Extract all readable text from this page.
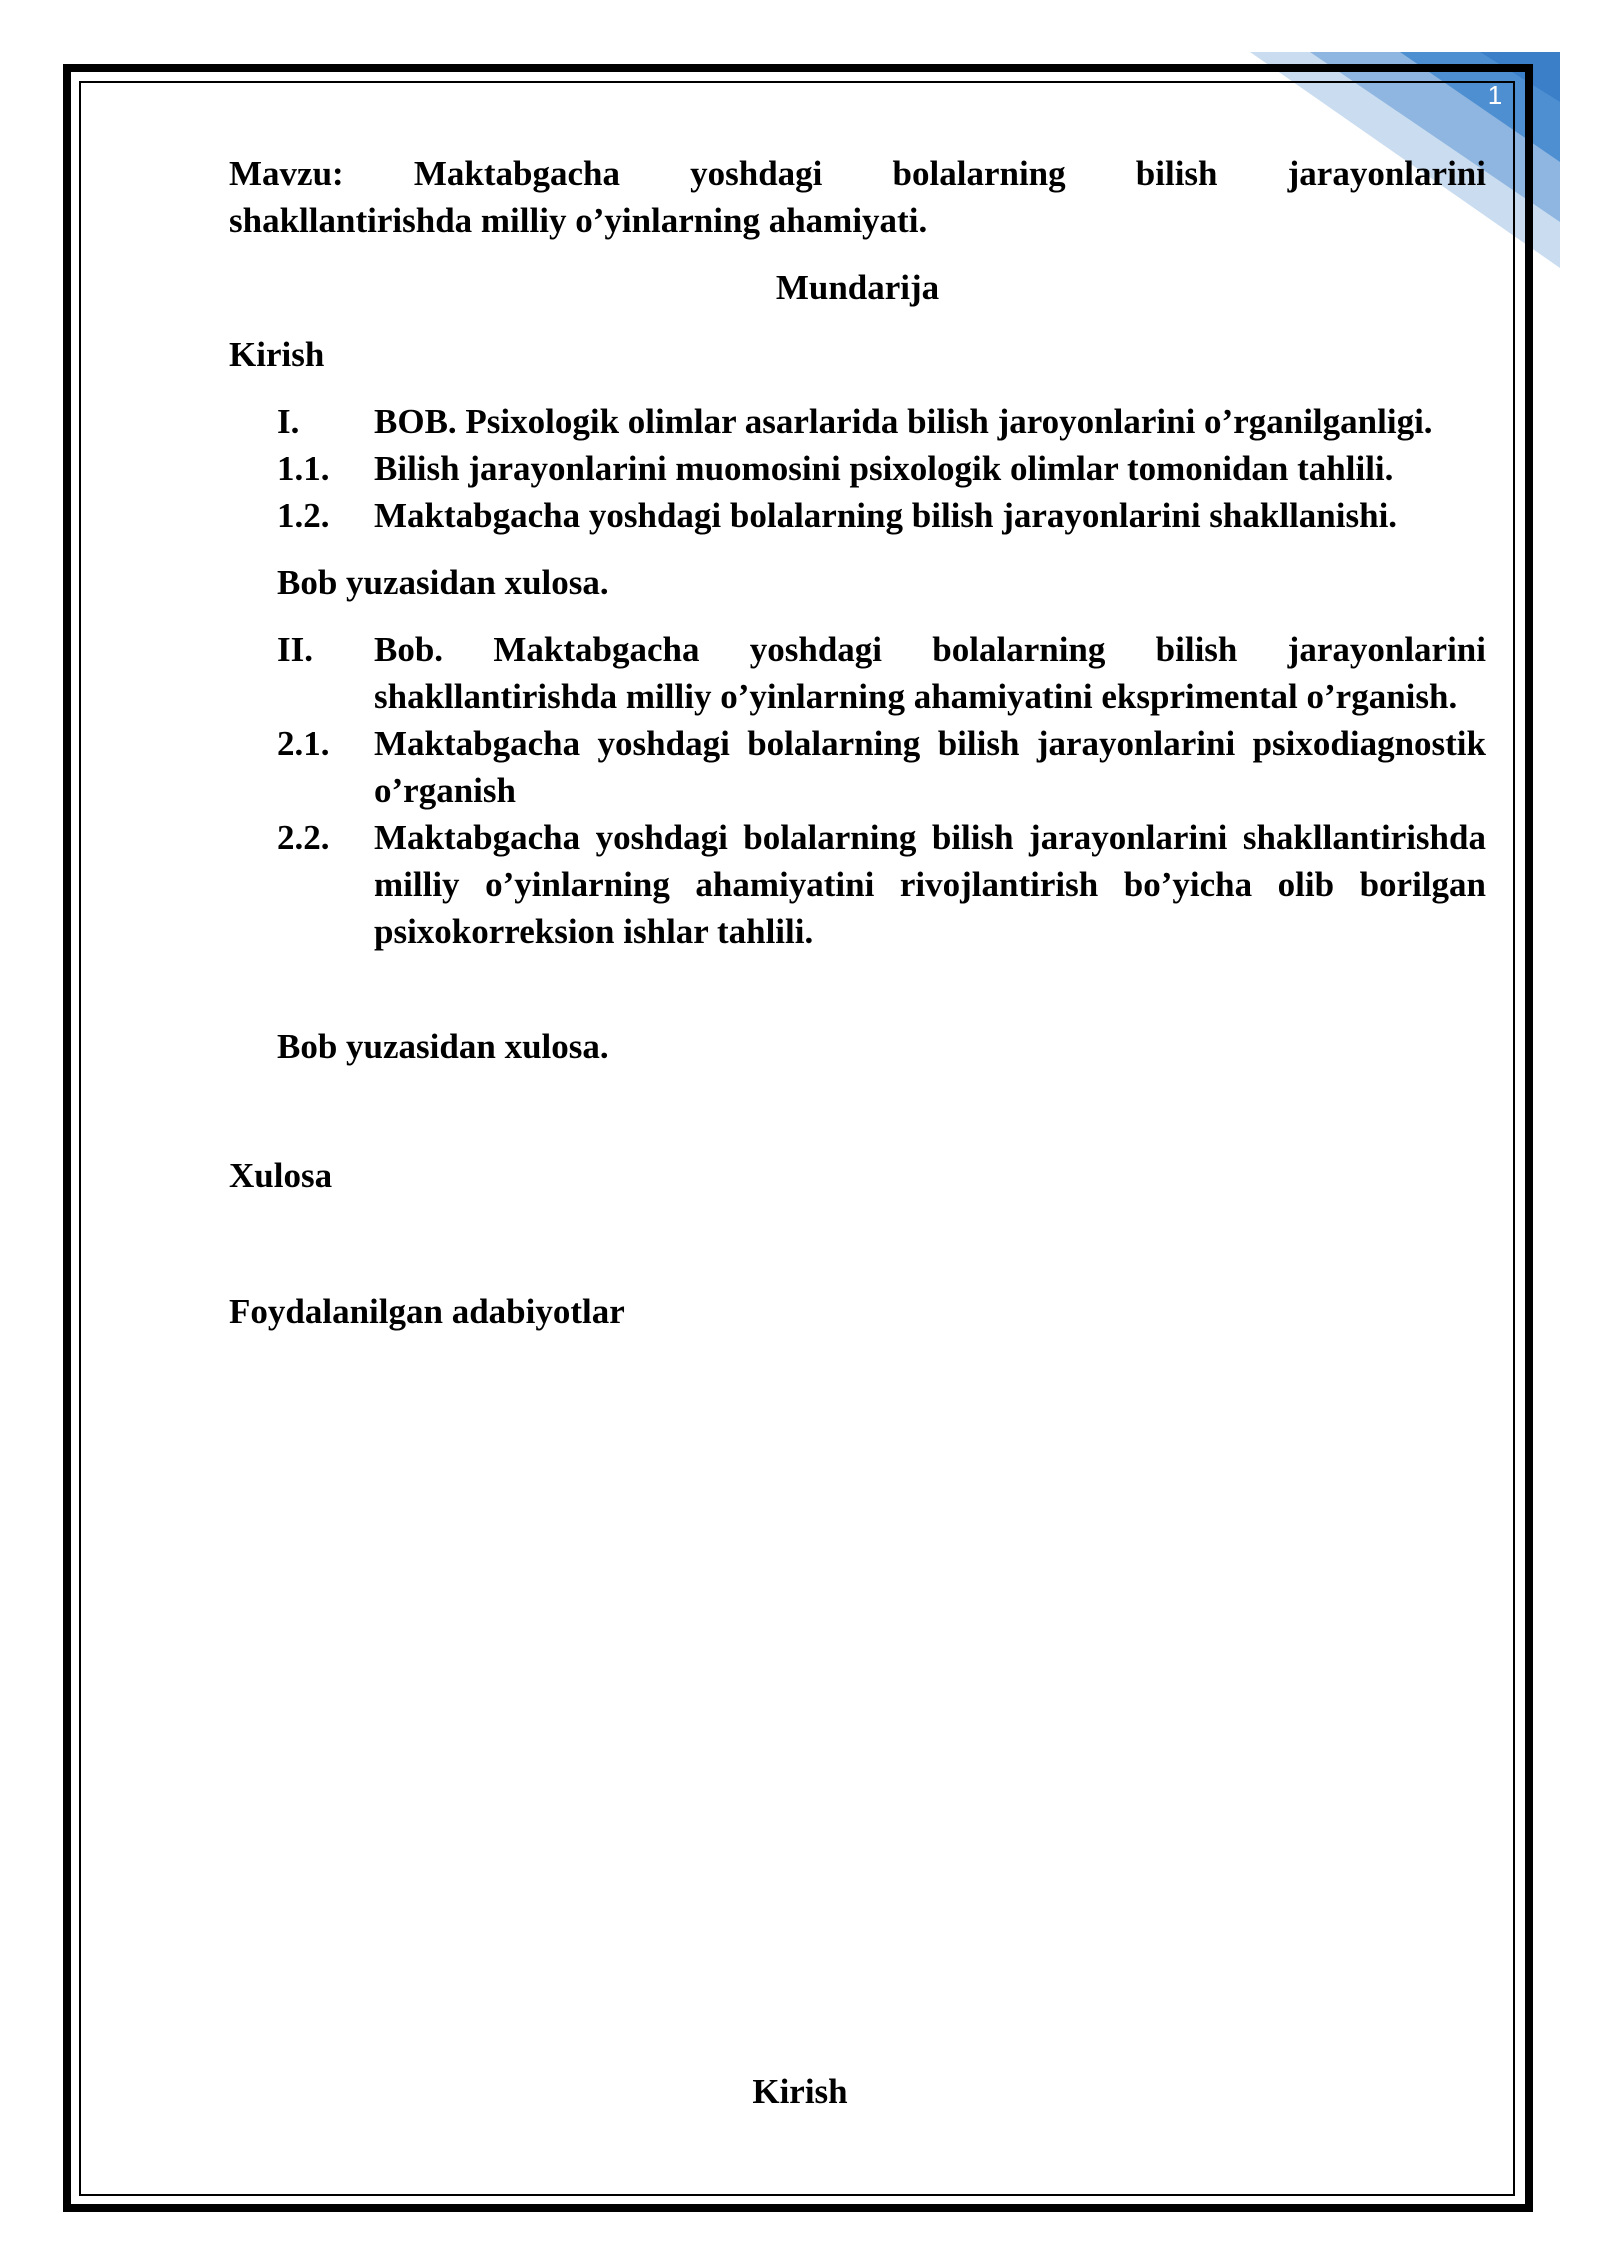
1
Mavzu: Maktabgacha yoshdagi bolalarning bilish jarayonlarini
shakllantirishda milliy o’yinlarning ahamiyati.
Mundarija
Kirish
I.	BOB. Psixologik olimlar asarlarida bilish jaroyonlarini o’rganilganligi.
1.1.	Bilish jarayonlarini muomosini psixologik olimlar tomonidan tahlili.
1.2.	Maktabgacha yoshdagi bolalarning bilish jarayonlarini shakllanishi.
Bob yuzasidan xulosa.
II.	Bob. Maktabgacha yoshdagi bolalarning bilish jarayonlarini shakllantirishda milliy o’yinlarning ahamiyatini eksprimental o’rganish.
2.1.	Maktabgacha yoshdagi bolalarning bilish jarayonlarini psixodiagnostik o’rganish
2.2.	Maktabgacha yoshdagi bolalarning bilish jarayonlarini shakllantirishda milliy o’yinlarning ahamiyatini rivojlantirish bo’yicha olib borilgan psixokorreksion ishlar tahlili.
Bob yuzasidan xulosa.
Xulosa
Foydalanilgan adabiyotlar
Kirish
